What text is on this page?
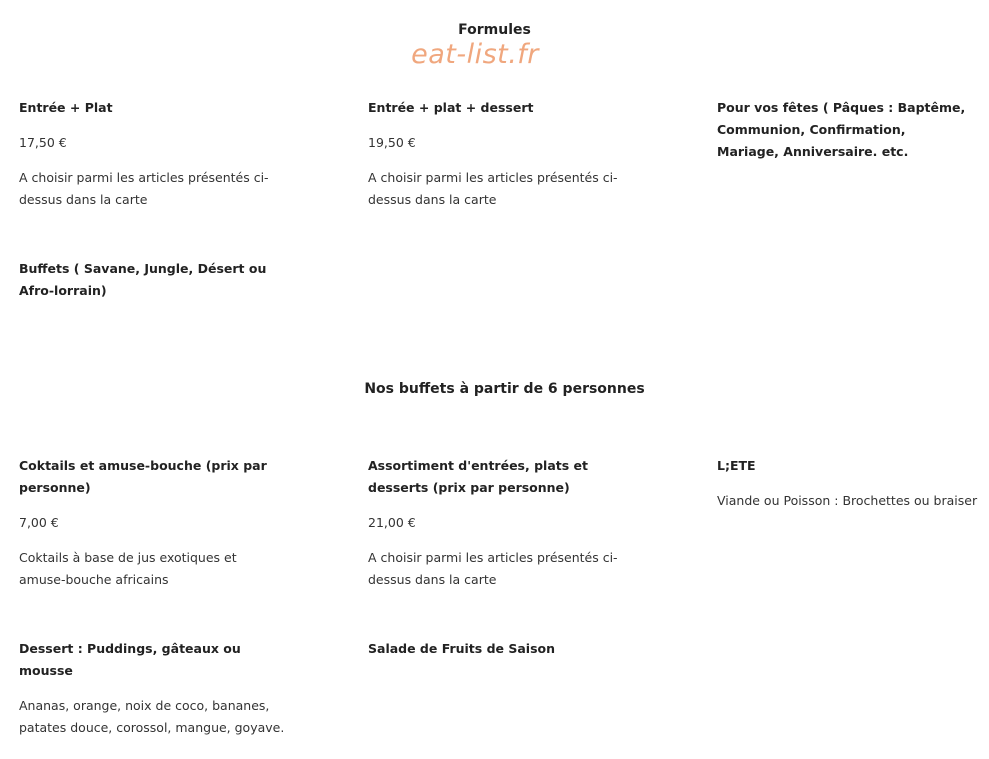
Formules
eat-list.fr
Entrée + Plat
17,50 €
A choisir parmi les articles présentés ci-dessus dans la carte
Entrée + plat + dessert
19,50 €
A choisir parmi les articles présentés ci-dessus dans la carte
Pour vos fêtes ( Pâques : Baptême, Communion, Confirmation, Mariage, Anniversaire. etc.
Buffets ( Savane, Jungle, Désert ou Afro-lorrain)
Nos buffets à partir de 6 personnes
Coktails et amuse-bouche (prix par personne)
7,00 €
Coktails à base de jus exotiques et amuse-bouche africains
Assortiment d'entrées, plats et desserts (prix par personne)
21,00 €
A choisir parmi les articles présentés ci-dessus dans la carte
L;ETE
Viande ou Poisson : Brochettes ou braiser
Dessert : Puddings, gâteaux ou mousse
Ananas, orange, noix de coco, bananes, patates douce, corossol, mangue, goyave.
Salade de Fruits de Saison
